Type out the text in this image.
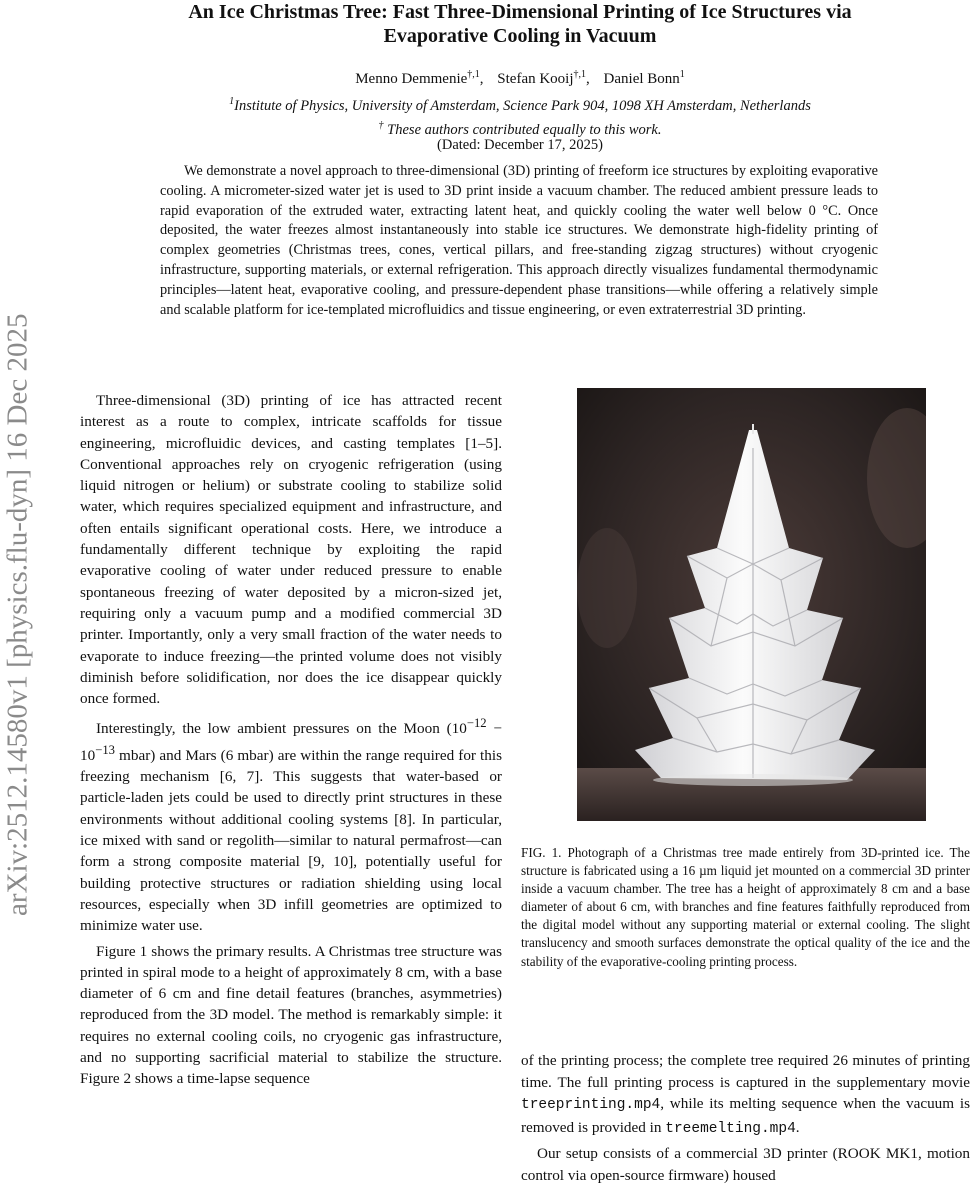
arXiv:2512.14580v1 [physics.flu-dyn] 16 Dec 2025
An Ice Christmas Tree: Fast Three-Dimensional Printing of Ice Structures via
Evaporative Cooling in Vacuum
Menno Demmenie$^{\dagger,1}$, Stefan Kooij$^{\dagger,1}$, Daniel Bonn$^1$
$^1$Institute of Physics, University of Amsterdam, Science Park 904, 1098 XH Amsterdam, Netherlands
† These authors contributed equally to this work.
(Dated: December 17, 2025)
We demonstrate a novel approach to three-dimensional (3D) printing of freeform ice structures by exploiting evaporative cooling. A micrometer-sized water jet is used to 3D print inside a vacuum chamber. The reduced ambient pressure leads to rapid evaporation of the extruded water, extracting latent heat, and quickly cooling the water well below 0 °C. Once deposited, the water freezes almost instantaneously into stable ice structures. We demonstrate high-fidelity printing of complex geometries (Christmas trees, cones, vertical pillars, and free-standing zigzag structures) without cryogenic infrastructure, supporting materials, or external refrigeration. This approach directly visualizes fundamental thermodynamic principles—latent heat, evaporative cooling, and pressure-dependent phase transitions—while offering a relatively simple and scalable platform for ice-templated microfluidics and tissue engineering, or even extraterrestrial 3D printing.

Three-dimensional (3D) printing of ice has attracted recent interest as a route to complex, intricate scaffolds for tissue engineering, microfluidic devices, and casting templates [1–5]. Conventional approaches rely on cryogenic refrigeration (using liquid nitrogen or helium) or substrate cooling to stabilize solid water, which requires specialized equipment and infrastructure, and often entails significant operational costs. Here, we introduce a fundamentally different technique by exploiting the rapid evaporative cooling of water under reduced pressure to enable spontaneous freezing of water deposited by a micron-sized jet, requiring only a vacuum pump and a modified commercial 3D printer. Importantly, only a very small fraction of the water needs to evaporate to induce freezing—the printed volume does not visibly diminish before solidification, nor does the ice disappear quickly once formed.

Interestingly, the low ambient pressures on the Moon ($10^{-12} - 10^{-13}$ mbar) and Mars (6 mbar) are within the range required for this freezing mechanism [6, 7]. This suggests that water-based or particle-laden jets could be used to directly print structures in these environments without additional cooling systems [8]. In particular, ice mixed with sand or regolith—similar to natural permafrost—can form a strong composite material [9, 10], potentially useful for building protective structures or radiation shielding using local resources, especially when 3D infill geometries are optimized to minimize water use.

Figure 1 shows the primary results. A Christmas tree structure was printed in spiral mode to a height of approximately 8 cm, with a base diameter of 6 cm and fine detail features (branches, asymmetries) reproduced from the 3D model. The method is remarkably simple: it requires no external cooling coils, no cryogenic gas infrastructure, and no supporting sacrificial material to stabilize the structure. Figure 2 shows a time-lapse sequence

FIG. 1. Photograph of a Christmas tree made entirely from 3D-printed ice. The structure is fabricated using a 16 µm liquid jet mounted on a commercial 3D printer inside a vacuum chamber. The tree has a height of approximately 8 cm and a base diameter of about 6 cm, with branches and fine features faithfully reproduced from the digital model without any supporting material or external cooling. The slight translucency and smooth surfaces demonstrate the optical quality of the ice and the stability of the evaporative-cooling printing process.

of the printing process; the complete tree required 26 minutes of printing time. The full printing process is captured in the supplementary movie treeprinting.mp4, while its melting sequence when the vacuum is removed is provided in treemelting.mp4.

Our setup consists of a commercial 3D printer (ROOK MK1, motion control via open-source firmware) housed
